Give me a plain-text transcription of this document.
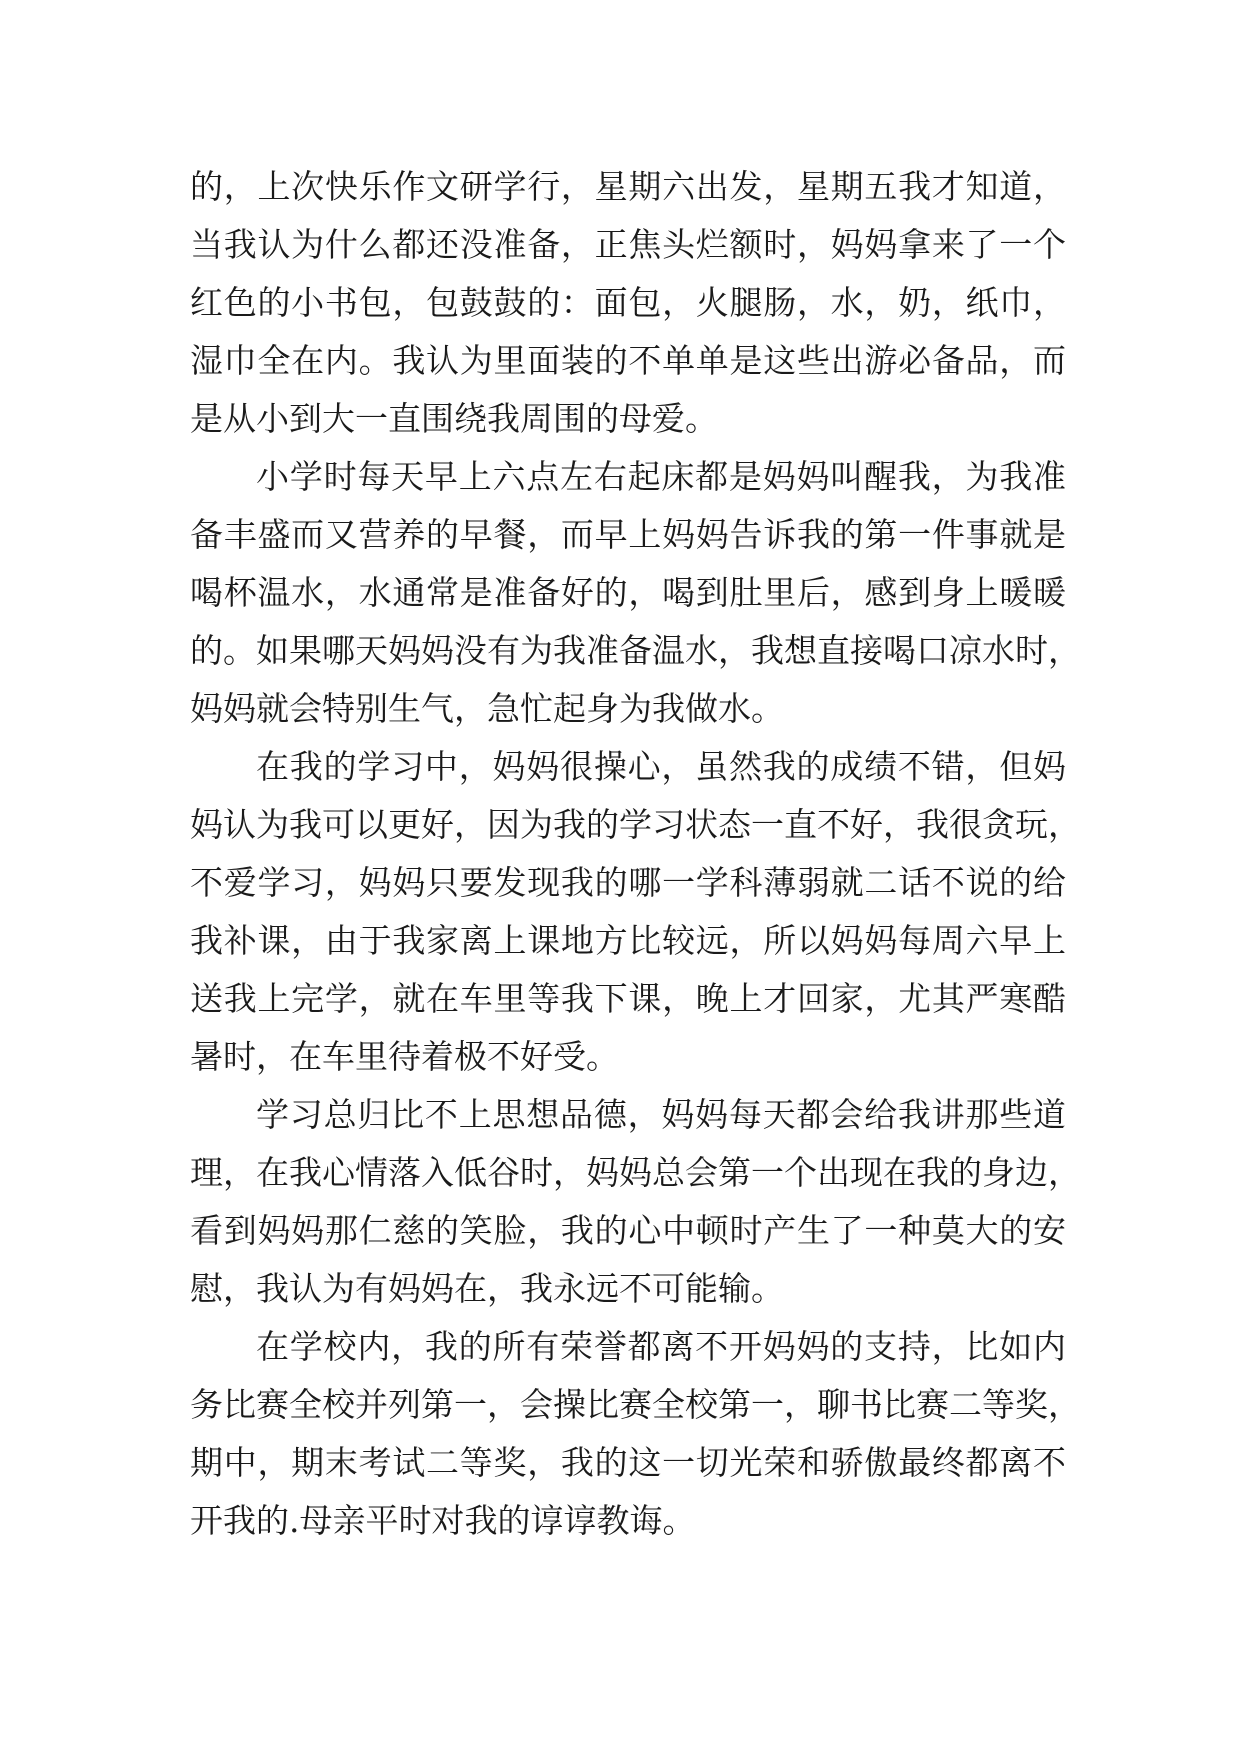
的，上次快乐作文研学行，星期六出发，星期五我才知道，
当我认为什么都还没准备，正焦头烂额时，妈妈拿来了一个
红色的小书包，包鼓鼓的：面包，火腿肠，水，奶，纸巾，
湿巾全在内。我认为里面装的不单单是这些出游必备品，而
是从小到大一直围绕我周围的母爱。
小学时每天早上六点左右起床都是妈妈叫醒我，为我准
备丰盛而又营养的早餐，而早上妈妈告诉我的第一件事就是
喝杯温水，水通常是准备好的，喝到肚里后，感到身上暖暖
的。如果哪天妈妈没有为我准备温水，我想直接喝口凉水时，
妈妈就会特别生气，急忙起身为我做水。
在我的学习中，妈妈很操心，虽然我的成绩不错，但妈
妈认为我可以更好，因为我的学习状态一直不好，我很贪玩，
不爱学习，妈妈只要发现我的哪一学科薄弱就二话不说的给
我补课，由于我家离上课地方比较远，所以妈妈每周六早上
送我上完学，就在车里等我下课，晚上才回家，尤其严寒酷
暑时，在车里待着极不好受。
学习总归比不上思想品德，妈妈每天都会给我讲那些道
理，在我心情落入低谷时，妈妈总会第一个出现在我的身边，
看到妈妈那仁慈的笑脸，我的心中顿时产生了一种莫大的安
慰，我认为有妈妈在，我永远不可能输。
在学校内，我的所有荣誉都离不开妈妈的支持，比如内
务比赛全校并列第一，会操比赛全校第一，聊书比赛二等奖，
期中，期末考试二等奖，我的这一切光荣和骄傲最终都离不
开我的.母亲平时对我的谆谆教诲。
